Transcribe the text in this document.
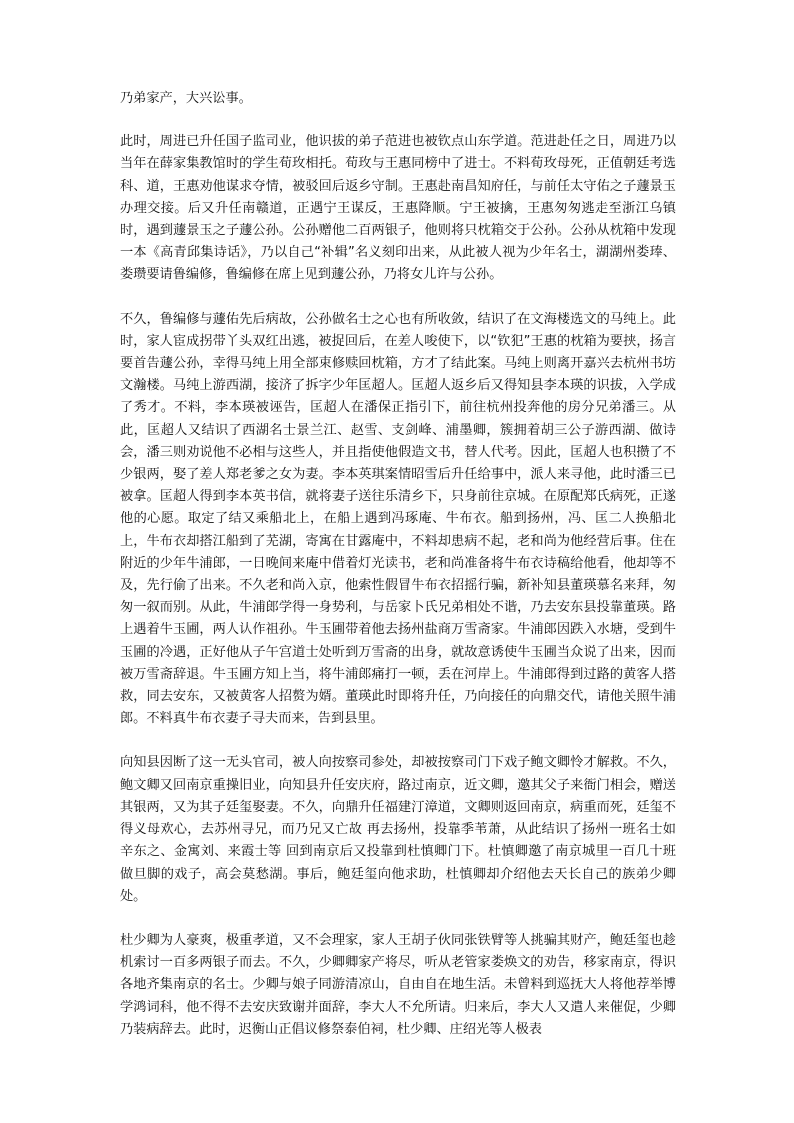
乃弟家产，大兴讼事。

此时，周进已升任国子监司业，他识拔的弟子范进也被钦点山东学道。范进赴任之日，周进乃以当年在薛家集教馆时的学生荀玫相托。荀玫与王惠同榜中了进士。不料荀玫母死，正值朝廷考选科、道，王惠劝他谋求夺情，被驳回后返乡守制。王惠赴南昌知府任，与前任太守佑之子蘧景玉办理交接。后又升任南赣道，正遇宁王谋反，王惠降顺。宁王被擒，王惠匆匆逃走至浙江乌镇时，遇到蘧景玉之子蘧公孙。公孙赠他二百两银子，他则将只枕箱交于公孙。公孙从枕箱中发现一本《高青邱集诗话》，乃以自己“补辑”名义刻印出来，从此被人视为少年名士，湖湖州娄琫、娄瓒要请鲁编修，鲁编修在席上见到蘧公孙，乃将女儿许与公孙。

不久，鲁编修与蘧佑先后病故，公孙做名士之心也有所收敛，结识了在文海楼选文的马纯上。此时，家人宦成拐带丫头双红出逃，被捉回后，在差人唆使下，以“钦犯”王惠的枕箱为要挟，扬言要首告蘧公孙，幸得马纯上用全部束修赎回枕箱，方才了结此案。马纯上则离开嘉兴去杭州书坊文瀚楼。马纯上游西湖，接济了拆字少年匡超人。匡超人返乡后又得知县李本瑛的识拔，入学成了秀才。不料，李本瑛被诬告，匡超人在潘保正指引下，前往杭州投奔他的房分兄弟潘三。从此，匡超人又结识了西湖名士景兰江、赵雪、支剑峰、浦墨卿，簇拥着胡三公子游西湖、做诗会，潘三则劝说他不必相与这些人，并且指使他假造文书，替人代考。因此，匡超人也积攒了不少银两，娶了差人郑老爹之女为妻。李本英琪案情昭雪后升任给事中，派人来寻他，此时潘三已被拿。匡超人得到李本英书信，就将妻子送往乐清乡下，只身前往京城。在原配郑氏病死，正遂他的心愿。取定了结又乘船北上，在船上遇到冯琢庵、牛布衣。船到扬州，冯、匡二人换船北上，牛布衣却搭江船到了芜湖，寄寓在甘露庵中，不料却患病不起，老和尚为他经营后事。住在附近的少年牛浦郎，一日晚间来庵中借着灯光读书，老和尚准备将牛布衣诗稿给他看，他却等不及，先行偷了出来。不久老和尚入京，他索性假冒牛布衣招摇行骗，新补知县董瑛慕名来拜，匆匆一叙而别。从此，牛浦郎学得一身势利，与岳家卜氏兄弟相处不谐，乃去安东县投靠董瑛。路上遇着牛玉圃，两人认作祖孙。牛玉圃带着他去扬州盐商万雪斋家。牛浦郎因跌入水塘，受到牛玉圃的冷遇，正好他从子午宫道士处听到万雪斋的出身，就故意诱使牛玉圃当众说了出来，因而被万雪斋辞退。牛玉圃方知上当，将牛浦郎痛打一顿，丢在河岸上。牛浦郎得到过路的黄客人搭救，同去安东，又被黄客人招赘为婿。董瑛此时即将升任，乃向接任的向鼎交代，请他关照牛浦郎。不料真牛布衣妻子寻夫而来，告到县里。

向知县因断了这一无头官司，被人向按察司参处，却被按察司门下戏子鲍文卿怜才解救。不久，鲍文卿又回南京重操旧业，向知县升任安庆府，路过南京，近文卿，邀其父子来衙门相会，赠送其银两，又为其子廷玺娶妻。不久，向鼎升任福建汀漳道，文卿则返回南京，病重而死，廷玺不得义母欢心，去苏州寻兄，而乃兄又亡故 再去扬州，投靠季苇萧，从此结识了扬州一班名士如辛东之、金寓刘、来霞士等 回到南京后又投靠到杜慎卿门下。杜慎卿邀了南京城里一百几十班做旦脚的戏子，高会莫愁湖。事后，鲍廷玺向他求助，杜慎卿却介绍他去天长自己的族弟少卿处。

杜少卿为人豪爽，极重孝道，又不会理家，家人王胡子伙同张铁臂等人挑骗其财产，鲍廷玺也趁机索讨一百多两银子而去。不久，少卿卿家产将尽，听从老管家娄焕文的劝告，移家南京，得识各地齐集南京的名士。少卿与娘子同游清凉山，自由自在地生活。未曾料到巡抚大人将他荐举博学鸿词科，他不得不去安庆致谢并面辞，李大人不允所请。归来后，李大人又遣人来催促，少卿乃装病辞去。此时，迟衡山正倡议修祭泰伯祠，杜少卿、庄绍光等人极表
